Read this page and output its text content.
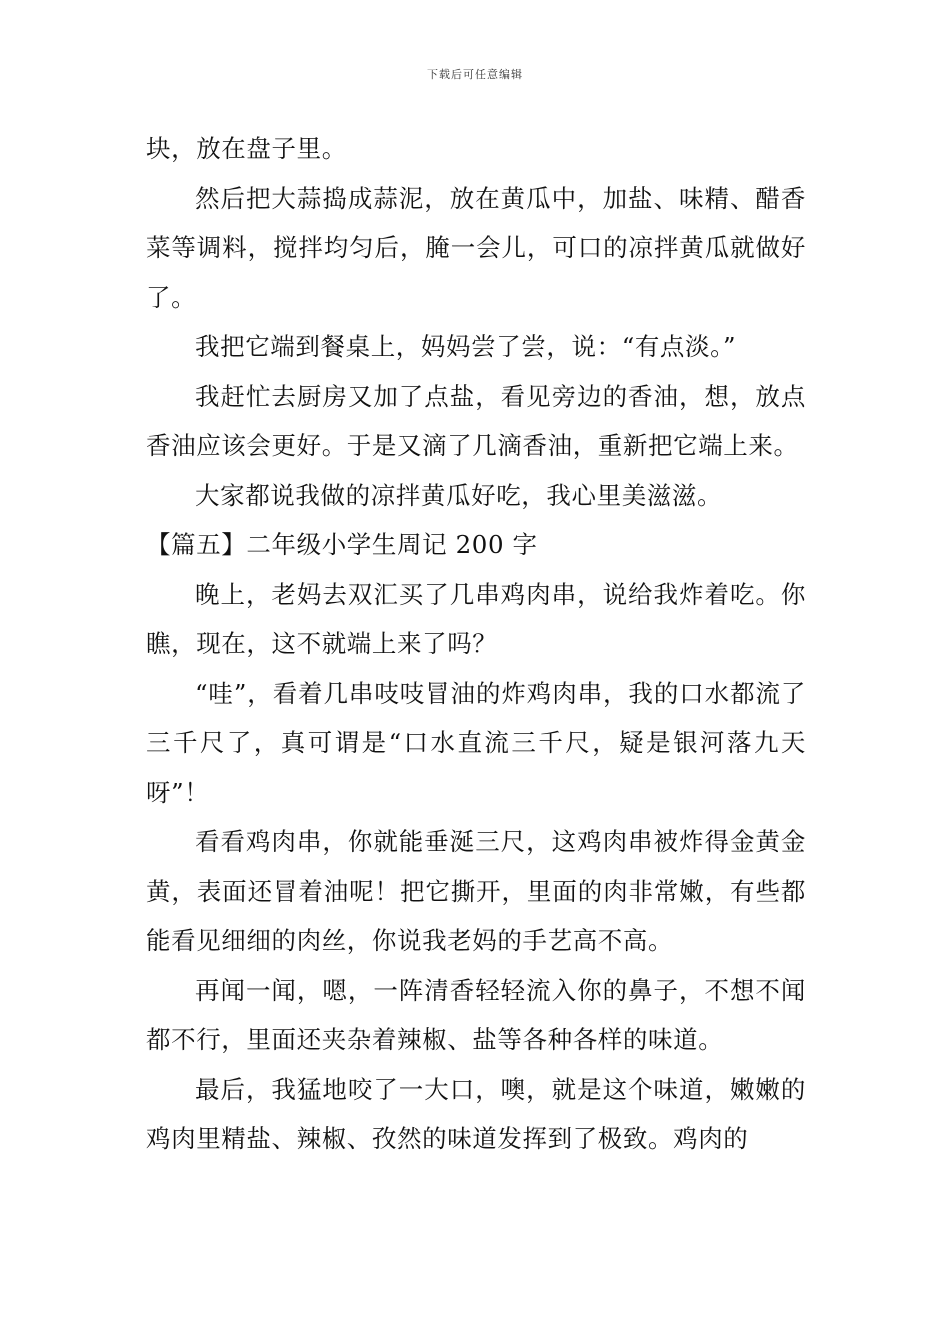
下载后可任意编辑

块，放在盘子里。

然后把大蒜捣成蒜泥，放在黄瓜中，加盐、味精、醋香菜等调料，搅拌均匀后，腌一会儿，可口的凉拌黄瓜就做好了。

我把它端到餐桌上，妈妈尝了尝，说：“有点淡。”

我赶忙去厨房又加了点盐，看见旁边的香油，想，放点香油应该会更好。于是又滴了几滴香油，重新把它端上来。

大家都说我做的凉拌黄瓜好吃，我心里美滋滋。

【篇五】二年级小学生周记 200 字

晚上，老妈去双汇买了几串鸡肉串，说给我炸着吃。你瞧，现在，这不就端上来了吗？

“哇”，看着几串吱吱冒油的炸鸡肉串，我的口水都流了三千尺了，真可谓是“口水直流三千尺，疑是银河落九天呀”！

看看鸡肉串，你就能垂涎三尺，这鸡肉串被炸得金黄金黄，表面还冒着油呢！把它撕开，里面的肉非常嫩，有些都能看见细细的肉丝，你说我老妈的手艺高不高。

再闻一闻，嗯，一阵清香轻轻流入你的鼻子，不想不闻都不行，里面还夹杂着辣椒、盐等各种各样的味道。

最后，我猛地咬了一大口，噢，就是这个味道，嫩嫩的鸡肉里精盐、辣椒、孜然的味道发挥到了极致。鸡肉的
